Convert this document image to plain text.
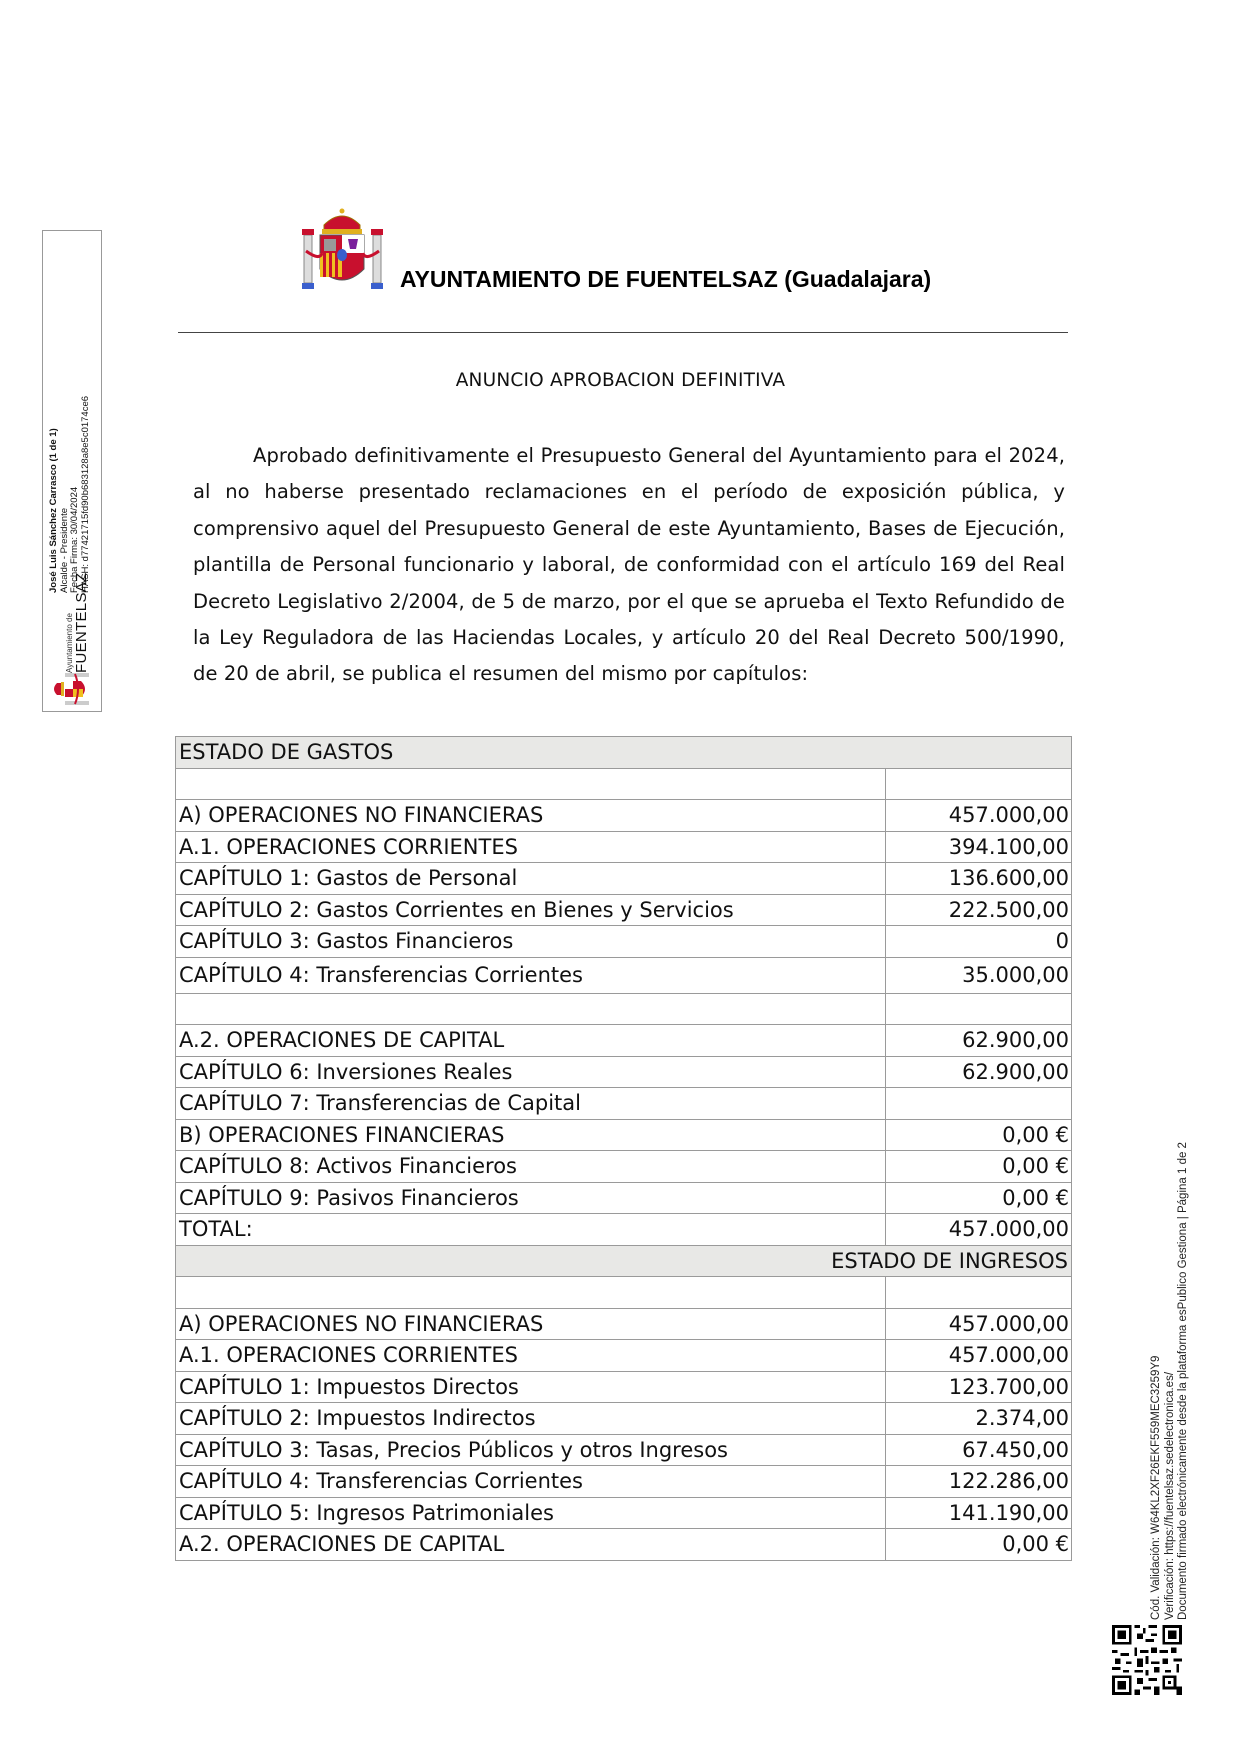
Ayuntamiento de FUENTELSAZ
José Luis Sánchez Carrasco (1 de 1) Alcalde - Presidente Fecha Firma: 30/04/2024 HASH: d77421715fd90b683128a8e5c0174ce6
Cód. Validación: W64KL2XF26EKF559MEC3259Y9 Verificación: https://fuentelsaz.sedelectronica.es/ Documento firmado electrónicamente desde la plataforma esPublico Gestiona | Página 1 de 2
AYUNTAMIENTO DE FUENTELSAZ (Guadalajara)
ANUNCIO APROBACION DEFINITIVA
Aprobado definitivamente el Presupuesto General del Ayuntamiento para el 2024, al no haberse presentado reclamaciones en el período de exposición pública, y comprensivo aquel del Presupuesto General de este Ayuntamiento, Bases de Ejecución, plantilla de Personal funcionario y laboral, de conformidad con el artículo 169 del Real Decreto Legislativo 2/2004, de 5 de marzo, por el que se aprueba el Texto Refundido de la Ley Reguladora de las Haciendas Locales, y artículo 20 del Real Decreto 500/1990, de 20 de abril, se publica el resumen del mismo por capítulos:
ESTADO DE GASTOS	

A) OPERACIONES NO FINANCIERAS	457.000,00
A.1. OPERACIONES CORRIENTES	394.100,00
CAPÍTULO 1: Gastos de Personal	136.600,00
CAPÍTULO 2: Gastos Corrientes en Bienes y Servicios	222.500,00
CAPÍTULO 3: Gastos Financieros	0
CAPÍTULO 4: Transferencias Corrientes	35.000,00

A.2. OPERACIONES DE CAPITAL	62.900,00
CAPÍTULO 6: Inversiones Reales	62.900,00
CAPÍTULO 7: Transferencias de Capital	
B) OPERACIONES FINANCIERAS	0,00 €
CAPÍTULO 8: Activos Financieros	0,00 €
CAPÍTULO 9: Pasivos Financieros	0,00 €
TOTAL:	457.000,00
ESTADO DE INGRESOS	

A) OPERACIONES NO FINANCIERAS	457.000,00
A.1. OPERACIONES CORRIENTES	457.000,00
CAPÍTULO 1: Impuestos Directos	123.700,00
CAPÍTULO 2: Impuestos Indirectos	2.374,00
CAPÍTULO 3: Tasas, Precios Públicos y otros Ingresos	67.450,00
CAPÍTULO 4: Transferencias Corrientes	122.286,00
CAPÍTULO 5: Ingresos Patrimoniales	141.190,00
A.2. OPERACIONES DE CAPITAL	0,00 €
